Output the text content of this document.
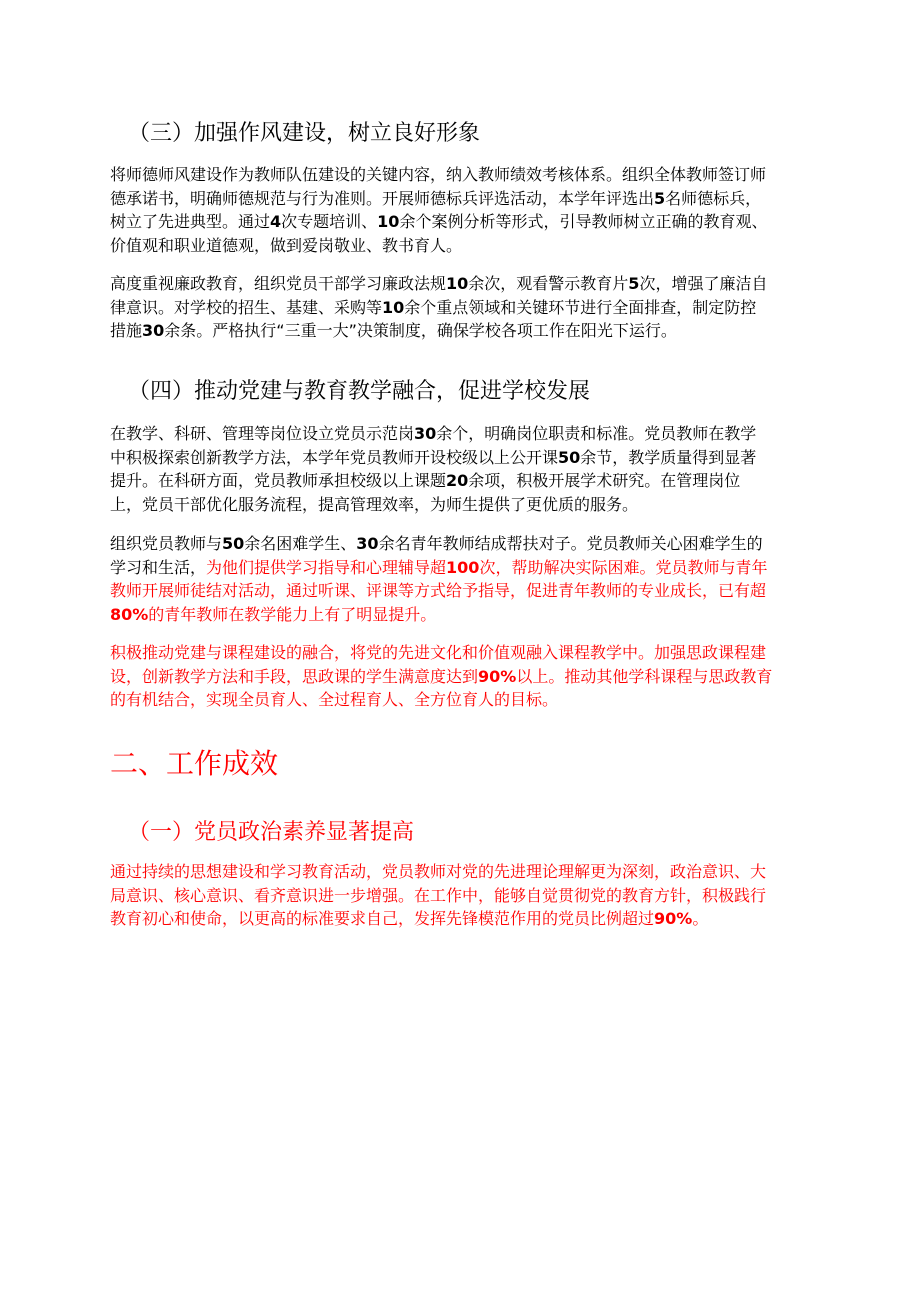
（三）加强作风建设，树立良好形象
将师德师风建设作为教师队伍建设的关键内容，纳入教师绩效考核体系。组织全体教师签订师
德承诺书，明确师德规范与行为准则。开展师德标兵评选活动，本学年评选出5名师德标兵，
树立了先进典型。通过4次专题培训、10余个案例分析等形式，引导教师树立正确的教育观、
价值观和职业道德观，做到爱岗敬业、教书育人。
高度重视廉政教育，组织党员干部学习廉政法规10余次，观看警示教育片5次，增强了廉洁自
律意识。对学校的招生、基建、采购等10余个重点领域和关键环节进行全面排查，制定防控
措施30余条。严格执行“三重一大”决策制度，确保学校各项工作在阳光下运行。
（四）推动党建与教育教学融合，促进学校发展
在教学、科研、管理等岗位设立党员示范岗30余个，明确岗位职责和标准。党员教师在教学
中积极探索创新教学方法，本学年党员教师开设校级以上公开课50余节，教学质量得到显著
提升。在科研方面，党员教师承担校级以上课题20余项，积极开展学术研究。在管理岗位
上，党员干部优化服务流程，提高管理效率，为师生提供了更优质的服务。
组织党员教师与50余名困难学生、30余名青年教师结成帮扶对子。党员教师关心困难学生的
学习和生活，为他们提供学习指导和心理辅导超100次，帮助解决实际困难。党员教师与青年
教师开展师徒结对活动，通过听课、评课等方式给予指导，促进青年教师的专业成长，已有超
80%的青年教师在教学能力上有了明显提升。
积极推动党建与课程建设的融合，将党的先进文化和价值观融入课程教学中。加强思政课程建
设，创新教学方法和手段，思政课的学生满意度达到90%以上。推动其他学科课程与思政教育
的有机结合，实现全员育人、全过程育人、全方位育人的目标。
二、工作成效
（一）党员政治素养显著提高
通过持续的思想建设和学习教育活动，党员教师对党的先进理论理解更为深刻，政治意识、大
局意识、核心意识、看齐意识进一步增强。在工作中，能够自觉贯彻党的教育方针，积极践行
教育初心和使命，以更高的标准要求自己，发挥先锋模范作用的党员比例超过90%。
